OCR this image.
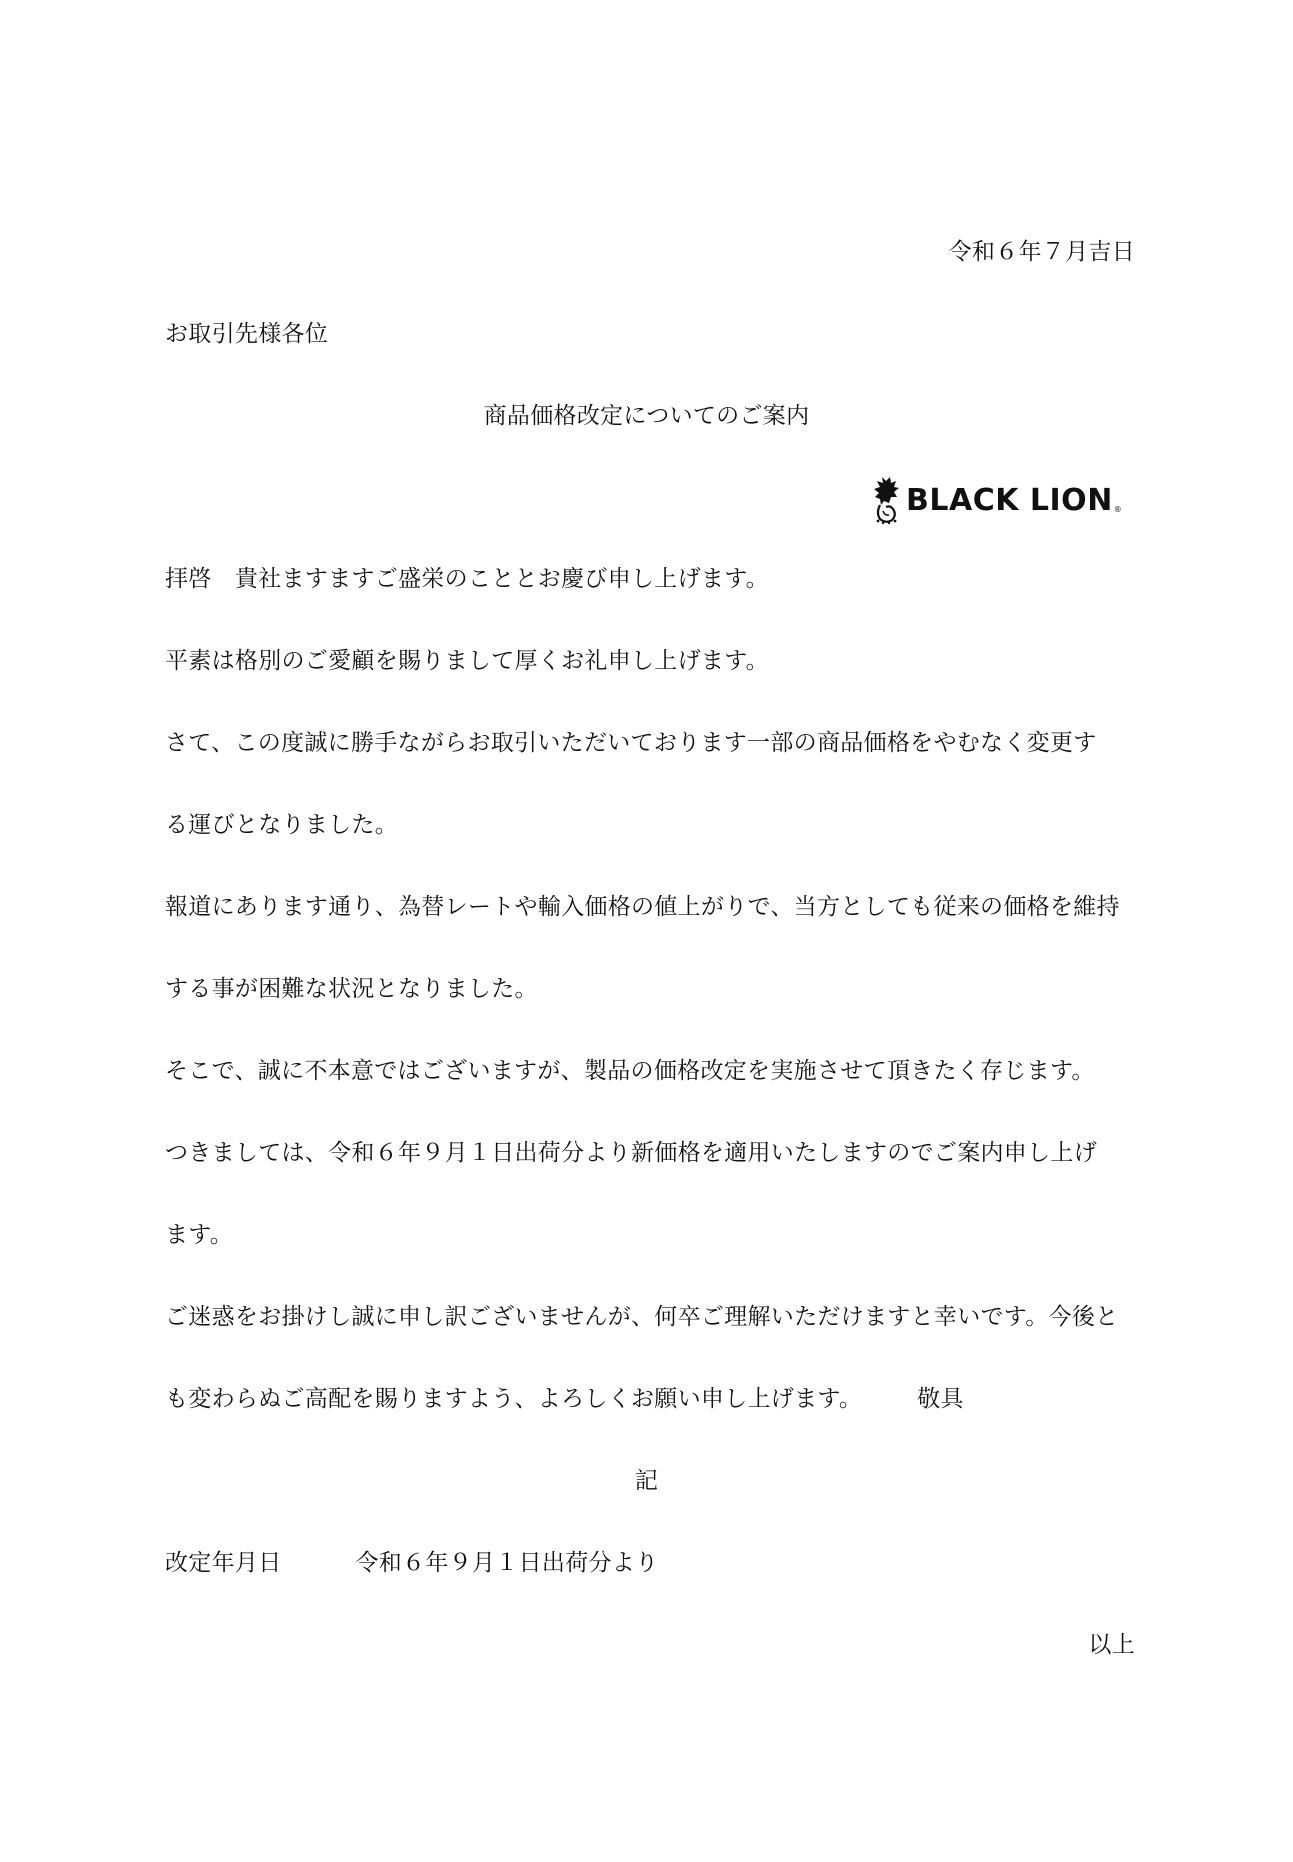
令和６年７月吉日
お取引先様各位
商品価格改定についてのご案内
BLACK LION ®
拝啓　貴社ますますご盛栄のこととお慶び申し上げます。
平素は格別のご愛顧を賜りまして厚くお礼申し上げます。
さて、この度誠に勝手ながらお取引いただいております一部の商品価格をやむなく変更す
る運びとなりました。
報道にあります通り、為替レートや輸入価格の値上がりで、当方としても従来の価格を維持
する事が困難な状況となりました。
そこで、誠に不本意ではございますが、製品の価格改定を実施させて頂きたく存じます。
つきましては、令和６年９月１日出荷分より新価格を適用いたしますのでご案内申し上げ
ます。
ご迷惑をお掛けし誠に申し訳ございませんが、何卒ご理解いただけますと幸いです。今後と
も変わらぬご高配を賜りますよう、よろしくお願い申し上げます。 敬具
記
改定年月日	令和６年９月１日出荷分より
以上
